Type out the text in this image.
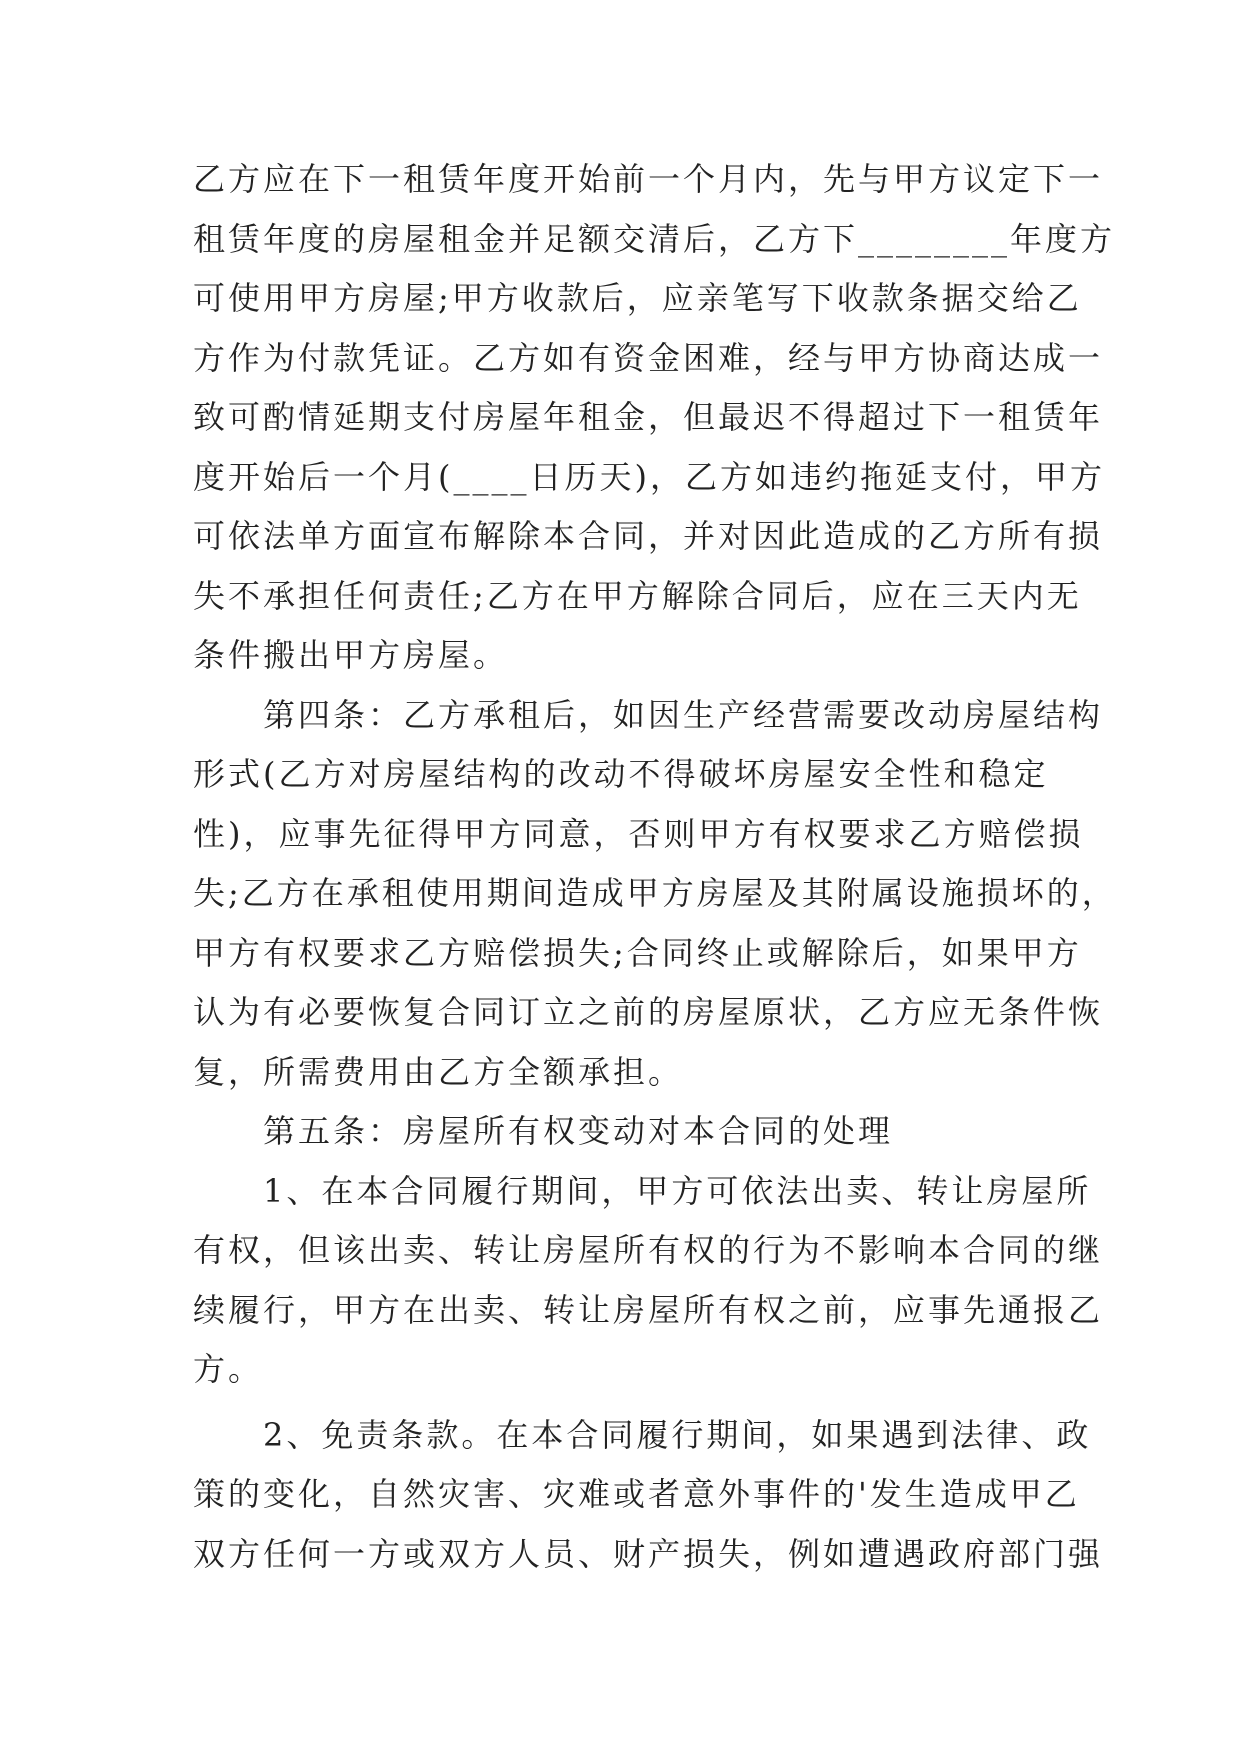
乙方应在下一租赁年度开始前一个月内，先与甲方议定下一
租赁年度的房屋租金并足额交清后，乙方下________年度方
可使用甲方房屋;甲方收款后，应亲笔写下收款条据交给乙
方作为付款凭证。乙方如有资金困难，经与甲方协商达成一
致可酌情延期支付房屋年租金，但最迟不得超过下一租赁年
度开始后一个月(____日历天)，乙方如违约拖延支付，甲方
可依法单方面宣布解除本合同，并对因此造成的乙方所有损
失不承担任何责任;乙方在甲方解除合同后，应在三天内无
条件搬出甲方房屋。
　　第四条：乙方承租后，如因生产经营需要改动房屋结构
形式(乙方对房屋结构的改动不得破坏房屋安全性和稳定
性)，应事先征得甲方同意，否则甲方有权要求乙方赔偿损
失;乙方在承租使用期间造成甲方房屋及其附属设施损坏的，
甲方有权要求乙方赔偿损失;合同终止或解除后，如果甲方
认为有必要恢复合同订立之前的房屋原状，乙方应无条件恢
复，所需费用由乙方全额承担。
　　第五条：房屋所有权变动对本合同的处理
　　1、在本合同履行期间，甲方可依法出卖、转让房屋所
有权，但该出卖、转让房屋所有权的行为不影响本合同的继
续履行，甲方在出卖、转让房屋所有权之前，应事先通报乙
方。
　　2、免责条款。在本合同履行期间，如果遇到法律、政
策的变化，自然灾害、灾难或者意外事件的'发生造成甲乙
双方任何一方或双方人员、财产损失，例如遭遇政府部门强
